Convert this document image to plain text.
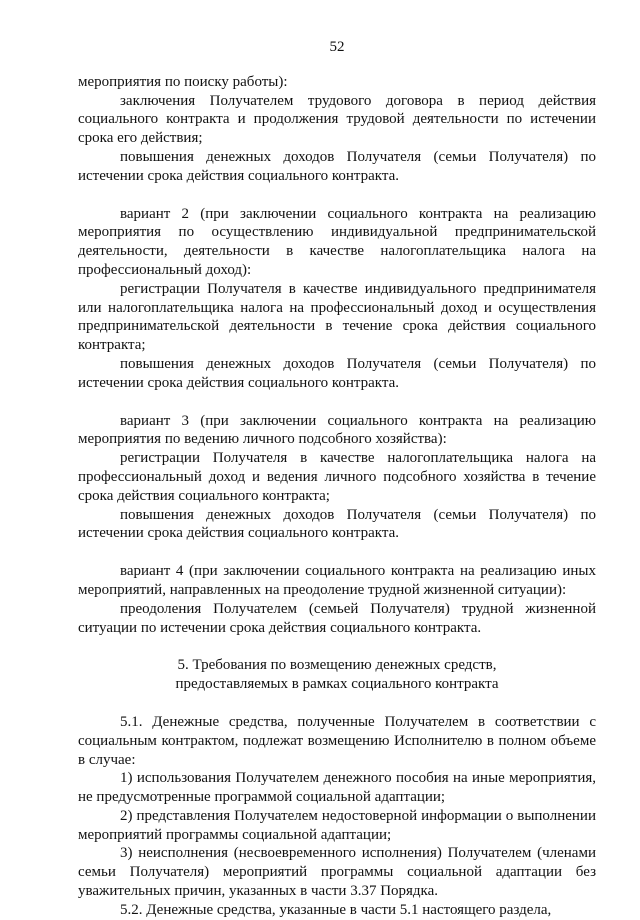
52

мероприятия по поиску работы):

заключения Получателем трудового договора в период действия социального контракта и продолжения трудовой деятельности по истечении срока его действия;

повышения денежных доходов Получателя (семьи Получателя) по истечении срока действия социального контракта.

вариант 2 (при заключении социального контракта на реализацию мероприятия по осуществлению индивидуальной предпринимательской деятельности, деятельности в качестве налогоплательщика налога на профессиональный доход):

регистрации Получателя в качестве индивидуального предпринимателя или налогоплательщика налога на профессиональный доход и осуществления предпринимательской деятельности в течение срока действия социального контракта;

повышения денежных доходов Получателя (семьи Получателя) по истечении срока действия социального контракта.

вариант 3 (при заключении социального контракта на реализацию мероприятия по ведению личного подсобного хозяйства):

регистрации Получателя в качестве налогоплательщика налога на профессиональный доход и ведения личного подсобного хозяйства в течение срока действия социального контракта;

повышения денежных доходов Получателя (семьи Получателя) по истечении срока действия социального контракта.

вариант 4 (при заключении социального контракта на реализацию иных мероприятий, направленных на преодоление трудной жизненной ситуации):

преодоления Получателем (семьей Получателя) трудной жизненной ситуации по истечении срока действия социального контракта.

5. Требования по возмещению денежных средств,

предоставляемых в рамках социального контракта

5.1. Денежные средства, полученные Получателем в соответствии с социальным контрактом, подлежат возмещению Исполнителю в полном объеме в случае:

1) использования Получателем денежного пособия на иные мероприятия, не предусмотренные программой социальной адаптации;

2) представления Получателем недостоверной информации о выполнении мероприятий программы социальной адаптации;

3) неисполнения (несвоевременного исполнения) Получателем (членами семьи Получателя) мероприятий программы социальной адаптации без уважительных причин, указанных в части 3.37 Порядка.

5.2. Денежные средства, указанные в части 5.1 настоящего раздела,
